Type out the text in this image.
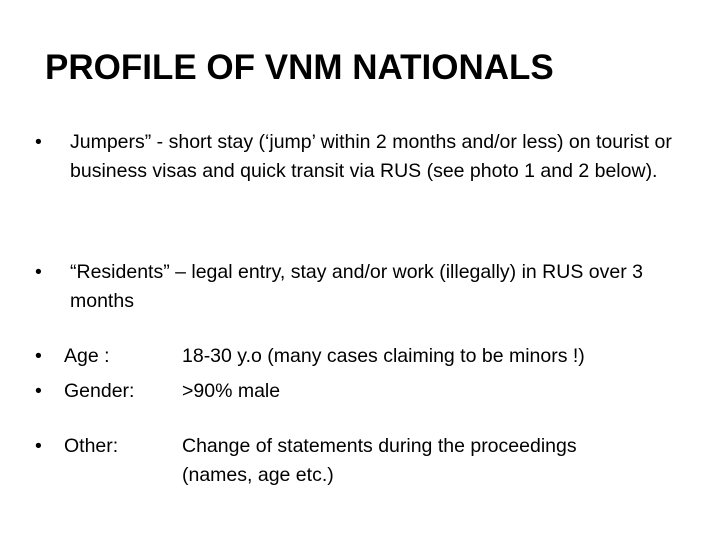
PROFILE OF VNM NATIONALS
•	Jumpers” - short stay (‘jump’ within 2 months and/or less) on tourist or business visas and quick transit via RUS (see photo 1 and 2 below).
•	“Residents” – legal entry, stay and/or work (illegally) in RUS over 3 months
•	Age :	18-30 y.o (many cases claiming to be minors !)
•	Gender: >90% male
•	Other:	Change of statements during the proceedings (names, age etc.)
